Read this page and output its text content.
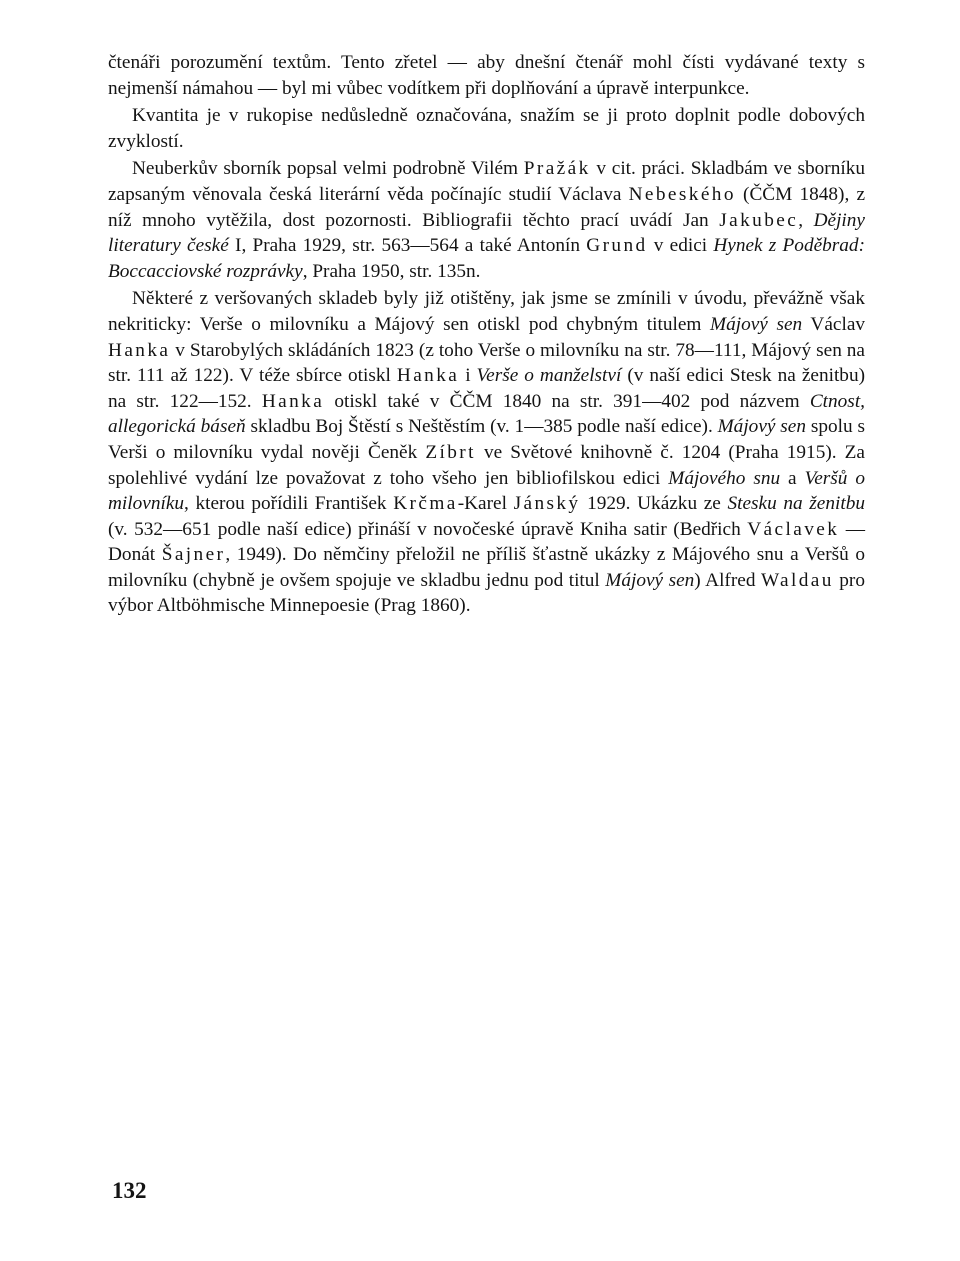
čtenáři porozumění textům. Tento zřetel — aby dnešní čtenář mohl čísti vydávané texty s nejmenší námahou — byl mi vůbec vodítkem při doplňování a úpravě interpunkce.

Kvantita je v rukopise nedůsledně označována, snažím se ji proto doplnit podle dobových zvyklostí.

Neuberkův sborník popsal velmi podrobně Vilém Pražák v cit. práci. Skladbám ve sborníku zapsaným věnovala česká literární věda počínajíc studií Václava Nebeského (ČČM 1848), z níž mnoho vytěžila, dost pozornosti. Bibliografii těchto prací uvádí Jan Jakubec, Dějiny literatury české I, Praha 1929, str. 563—564 a také Antonín Grund v edici Hynek z Poděbrad: Boccacciovské rozprávky, Praha 1950, str. 135n.

Některé z veršovaných skladeb byly již otištěny, jak jsme se zmínili v úvodu, převážně však nekriticky: Verše o milovníku a Májový sen otiskl pod chybným titulem Májový sen Václav Hanka v Starobylých skládáních 1823 (z toho Verše o milovníku na str. 78—111, Májový sen na str. 111 až 122). V téže sbírce otiskl Hanka i Verše o manželství (v naší edici Stesk na ženitbu) na str. 122—152. Hanka otiskl také v ČČM 1840 na str. 391—402 pod názvem Ctnost, allegorická báseň skladbu Boj Štěstí s Neštěstím (v. 1—385 podle naší edice). Májový sen spolu s Verši o milovníku vydal nověji Čeněk Zíbrt ve Světové knihovně č. 1204 (Praha 1915). Za spolehlivé vydání lze považovat z toho všeho jen bibliofilskou edici Májového snu a Veršů o milovníku, kterou pořídili František Krčma-Karel Jánský 1929. Ukázku ze Stesku na ženitbu (v. 532—651 podle naší edice) přináší v novočeské úpravě Kniha satir (Bedřich Václavek — Donát Šajner, 1949). Do němčiny přeložil ne příliš šťastně ukázky z Májového snu a Veršů o milovníku (chybně je ovšem spojuje ve skladbu jednu pod titul Májový sen) Alfred Waldau pro výbor Altböhmische Minnepoesie (Prag 1860).

132
